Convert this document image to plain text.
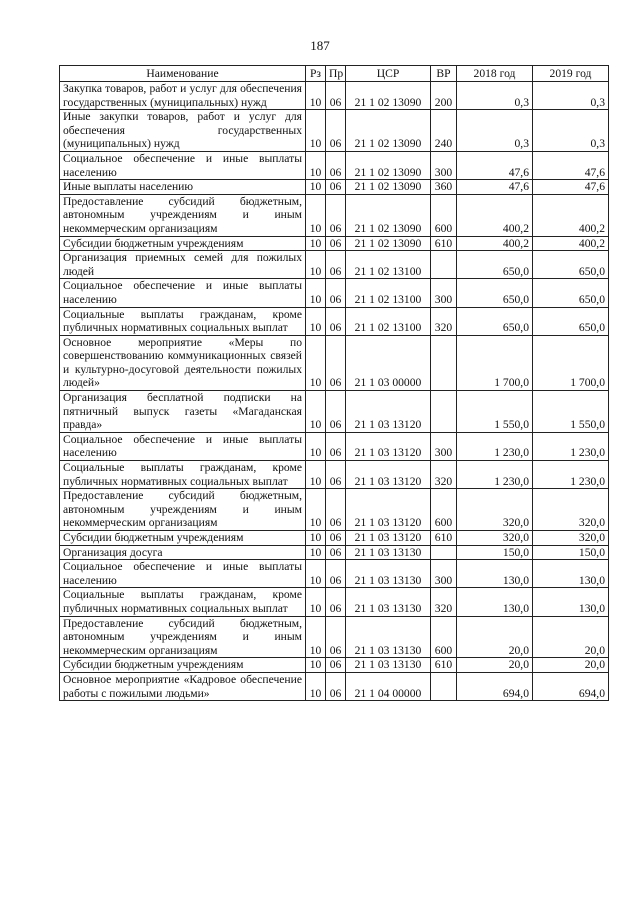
187
Наименование	Рз	Пр	ЦСР	ВР	2018 год	2019 год
Закупка товаров, работ и услуг для обеспечения государственных (муниципальных) нужд	10	06	21 1 02 13090	200	0,3	0,3
Иные закупки товаров, работ и услуг для обеспечения государственных (муниципальных) нужд	10	06	21 1 02 13090	240	0,3	0,3
Социальное обеспечение и иные выплаты населению	10	06	21 1 02 13090	300	47,6	47,6
Иные выплаты населению	10	06	21 1 02 13090	360	47,6	47,6
Предоставление субсидий бюджетным, автономным учреждениям и иным некоммерческим организациям	10	06	21 1 02 13090	600	400,2	400,2
Субсидии бюджетным учреждениям	10	06	21 1 02 13090	610	400,2	400,2
Организация приемных семей для пожилых людей	10	06	21 1 02 13100		650,0	650,0
Социальное обеспечение и иные выплаты населению	10	06	21 1 02 13100	300	650,0	650,0
Социальные выплаты гражданам, кроме публичных нормативных социальных выплат	10	06	21 1 02 13100	320	650,0	650,0
Основное мероприятие «Меры по совершенствованию коммуникационных связей и культурно-досуговой деятельности пожилых людей»	10	06	21 1 03 00000		1 700,0	1 700,0
Организация бесплатной подписки на пятничный выпуск газеты «Магаданская правда»	10	06	21 1 03 13120		1 550,0	1 550,0
Социальное обеспечение и иные выплаты населению	10	06	21 1 03 13120	300	1 230,0	1 230,0
Социальные выплаты гражданам, кроме публичных нормативных социальных выплат	10	06	21 1 03 13120	320	1 230,0	1 230,0
Предоставление субсидий бюджетным, автономным учреждениям и иным некоммерческим организациям	10	06	21 1 03 13120	600	320,0	320,0
Субсидии бюджетным учреждениям	10	06	21 1 03 13120	610	320,0	320,0
Организация досуга	10	06	21 1 03 13130		150,0	150,0
Социальное обеспечение и иные выплаты населению	10	06	21 1 03 13130	300	130,0	130,0
Социальные выплаты гражданам, кроме публичных нормативных социальных выплат	10	06	21 1 03 13130	320	130,0	130,0
Предоставление субсидий бюджетным, автономным учреждениям и иным некоммерческим организациям	10	06	21 1 03 13130	600	20,0	20,0
Субсидии бюджетным учреждениям	10	06	21 1 03 13130	610	20,0	20,0
Основное мероприятие «Кадровое обеспечение работы с пожилыми людьми»	10	06	21 1 04 00000		694,0	694,0
